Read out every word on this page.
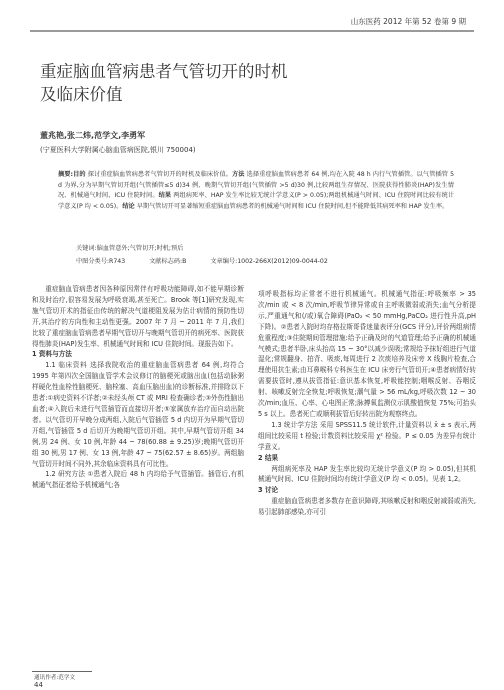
山东医药 2012 年第 52 卷第 9 期
重症脑血管病患者气管切开的时机
及临床价值
董兆艳,张二炜,范学文,李勇军
(宁夏医科大学附属心脑血管病医院,银川 750004)
摘要:目的 探讨重症脑血管病患者气管切开的时机及临床价值。方法 选择重症脑血管病患者 64 例,均在入院 48 h 内行气管插管。以气管插管 5 d 为界,分为早期气管切开组(气管插管≤5 d)34 例、晚期气管切开组(气管插管 >5 d)30 例,比较两组生存情况、医院获得性肺炎(HAP)发生情况、机械通气时间、ICU 住院时间。结果 两组病死率、HAP 发生率比较无统计学意义(P > 0.05);两组机械通气时间、ICU 住院时间比较有统计学意义(P 均 < 0.05)。结论 早期气管切开可显著缩短重症脑血管病患者的机械通气时间和 ICU 住院时间,但不能降低其病死率和 HAP 发生率。
关键词:脑血管意外;气管切开;时机;预后
中图分类号:R743	文献标志码:B	文章编号:1002-266X(2012)09-0044-02

重症脑血管病患者因各种原因常伴有呼吸功能障碍,如不能早期诊断和及时治疗,很容易发展为呼吸衰竭,甚至死亡。Brook 等[1]研究发现,实施气管切开术的指征由传统的解决气道梗阻发展为估计病情的预防性切开,其治疗的方向性和主动性更强。2007 年 7 月 ~ 2011 年 7 月,我们比较了重症脑血管病患者早期气管切开与晚期气管切开的病死率、医院获得性肺炎(HAP)发生率、机械通气时间和 ICU 住院时间。现报告如下。

1 资料与方法

1.1 临床资料 选择我院收治的重症脑血管病患者 64 例,均符合 1995 年第四次全国脑血管学术会议修订的脑梗死或脑出血(包括动脉粥样硬化性血栓性脑梗死、脑栓塞、高血压脑出血)的诊断标准,并排除以下患者:①病史资料不详者;②未经头颅 CT 或 MRI 检查确诊者;③外伤性脑出血者;④入院后未进行气管插管而直接切开者;⑤家属放弃治疗而自动出院者。以气管切开早晚分成两组,入院后气管插管 5 d 内切开为早期气管切开组,气管插管 5 d 后切开为晚期气管切开组。其中,早期气管切开组 34 例,男 24 例、女 10 例,年龄 44 ~ 78(60.88 ± 9.25)岁;晚期气管切开组 30 例,男 17 例、女 13 例,年龄 47 ~ 75(62.57 ± 8.65)岁。两组脑气管切开时间不同外,其余临床资料具有可比性。

1.2 研究方法 ①患者入院后 48 h 内均给予气管插管。插管后,有机械通气指征者给予机械通气;各

项呼吸指标均正常者不进行机械通气。机械通气指征:呼吸频率 > 35 次/min 或 < 8 次/min,呼吸节律异常或自主呼吸微弱或消失;血气分析提示,严重通气和(/或)氧合障碍(PaO₂ < 50 mmHg,PaCO₂ 进行性升高,pH 下降)。②患者入院时均存格拉斯哥昏迷量表评分(GCS 评分),评价两组病情危重程度;③住院期间管理措施:给予正确及时的气道管理;给予正确的机械通气模式;患者半卧,床头抬高 15 ~ 30°以减少误吸;常规给予抹好组进行气道湿化;常规翻身、拍背、吸痰,每周进行 2 次痰培养及床旁 X 线胸片检查,合理使用抗生素;由耳鼻喉科专科医生在 ICU 床旁行气管切开;④患者病情好转需要拔管时,遵从拔管指征:意识基本恢复,呼吸能控制;咽喉反射、吞咽反射、咳嗽反射完全恢复;呼吸恢复;潮气量 > 56 mL/kg,呼吸次数 12 ~ 30 次/min;血压、心率、心电图正常;脉搏氧监测仪示肌酸值恢复 75%;可抬头 5 s 以上。患者死亡或顺利拔管后好转出院为观察终点。

1.3 统计学方法 采用 SPSS11.5 统计软件,计量资料以 x̄ ± s 表示,两组间比较采用 t 检验;计数资料比较采用 χ² 检验。P ≤ 0.05 为差异有统计学意义。

2 结果

两组病死率及 HAP 发生率比较均无统计学意义(P 均 > 0.05),但其机械通气时间、ICU 住院时间均有统计学意义(P 均 < 0.05)。见表 1,2。

3 讨论

重症脑血管病患者多数存在意识障碍,其咳嗽反射和咽反射减弱或消失,易引起肺部感染,亦可引

通讯作者:范学文
44
